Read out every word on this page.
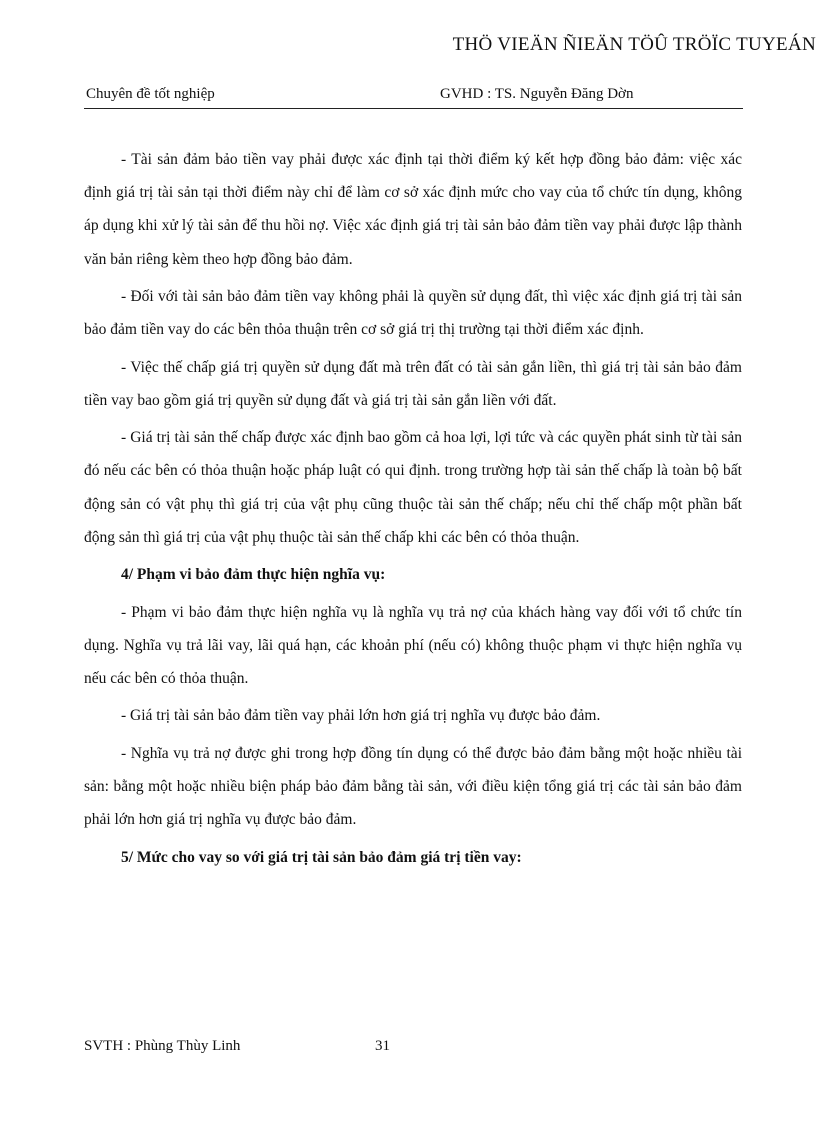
THÖ VIEÄN ÑIEÄN TÖÛ TRÖÏC TUYEÁN
Chuyên đề tốt nghiệp	GVHD : TS. Nguyễn Đăng Dờn

- Tài sản đảm bảo tiền vay phải được xác định tại thời điểm ký kết hợp đồng bảo đảm: việc xác định giá trị tài sản tại thời điểm này chỉ để làm cơ sở xác định mức cho vay của tổ chức tín dụng, không áp dụng khi xử lý tài sản để thu hồi nợ. Việc xác định giá trị tài sản bảo đảm tiền vay phải được lập thành văn bản riêng kèm theo hợp đồng bảo đảm.

- Đối với tài sản bảo đảm tiền vay không phải là quyền sử dụng đất, thì việc xác định giá trị tài sản bảo đảm tiền vay do các bên thỏa thuận trên cơ sở giá trị thị trường tại thời điểm xác định.

- Việc thế chấp giá trị quyền sử dụng đất mà trên đất có tài sản gắn liền, thì giá trị tài sản bảo đảm tiền vay bao gồm giá trị quyền sử dụng đất và giá trị tài sản gắn liền với đất.

- Giá trị tài sản thế chấp được xác định bao gồm cả hoa lợi, lợi tức và các quyền phát sinh từ tài sản đó nếu các bên có thỏa thuận hoặc pháp luật có qui định. trong trường hợp tài sản thế chấp là toàn bộ bất động sản có vật phụ thì giá trị của vật phụ cũng thuộc tài sản thế chấp; nếu chỉ thế chấp một phần bất động sản thì giá trị của vật phụ thuộc tài sản thế chấp khi các bên có thỏa thuận.

4/ Phạm vi bảo đảm thực hiện nghĩa vụ:

- Phạm vi bảo đảm thực hiện nghĩa vụ là nghĩa vụ trả nợ của khách hàng vay đối với tổ chức tín dụng. Nghĩa vụ trả lãi vay, lãi quá hạn, các khoản phí (nếu có) không thuộc phạm vi thực hiện nghĩa vụ nếu các bên có thỏa thuận.

- Giá trị tài sản bảo đảm tiền vay phải lớn hơn giá trị nghĩa vụ được bảo đảm.

- Nghĩa vụ trả nợ được ghi trong hợp đồng tín dụng có thể được bảo đảm bằng một hoặc nhiều tài sản: bằng một hoặc nhiều biện pháp bảo đảm bằng tài sản, với điều kiện tổng giá trị các tài sản bảo đảm phải lớn hơn giá trị nghĩa vụ được bảo đảm.

5/ Mức cho vay so với giá trị tài sản bảo đảm giá trị tiền vay:

SVTH : Phùng Thùy Linh	31
